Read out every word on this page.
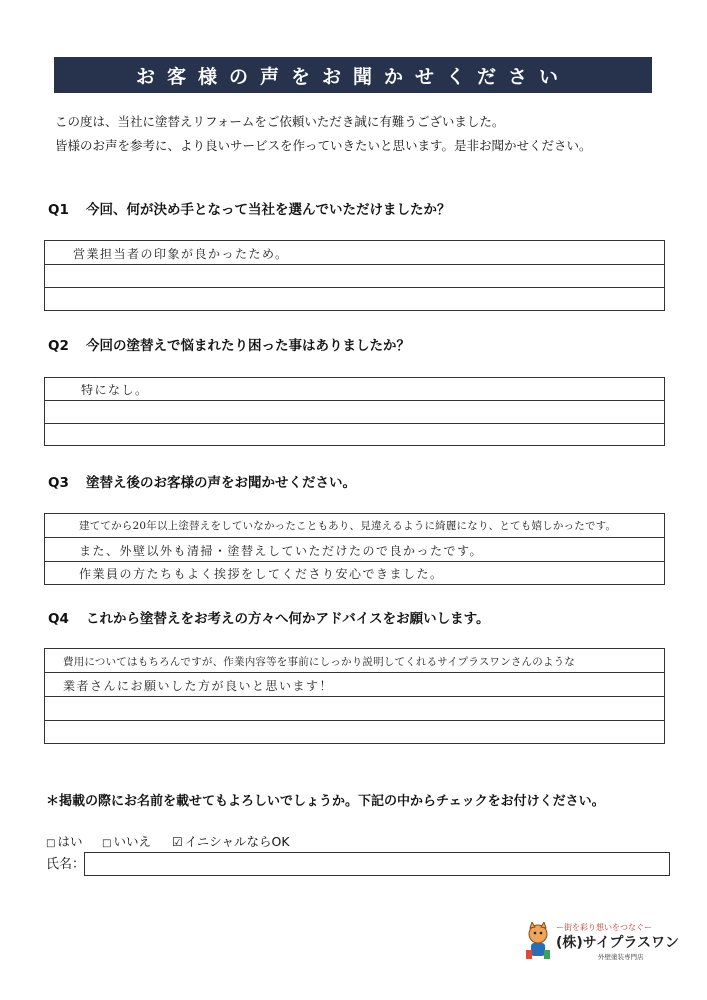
お客様の声をお聞かせください
この度は、当社に塗替えリフォームをご依頼いただき誠に有難うございました。
皆様のお声を参考に、より良いサービスを作っていきたいと思います。是非お聞かせください。
Q1 今回、何が決め手となって当社を選んでいただけましたか？
営業担当者の印象が良かったため。
Q2 今回の塗替えで悩まれたり困った事はありましたか？
特になし。
Q3 塗替え後のお客様の声をお聞かせください。
建ててから20年以上塗替えをしていなかったこともあり、見違えるように綺麗になり、とても嬉しかったです。
また、外壁以外も清掃・塗替えしていただけたので良かったです。
作業員の方たちもよく挨拶をしてくださり安心できました。
Q4 これから塗替えをお考えの方々へ何かアドバイスをお願いします。
費用についてはもちろんですが、作業内容等を事前にしっかり説明してくれるサイプラスワンさんのような
業者さんにお願いした方が良いと思います！
＊掲載の際にお名前を載せてもよろしいでしょうか。下記の中からチェックをお付けください。
□ はい □ いいえ ☑ イニシャルならOK
氏名：
ー街を彩り想いをつなぐー
(株)サイプラスワン
外壁塗装専門店
